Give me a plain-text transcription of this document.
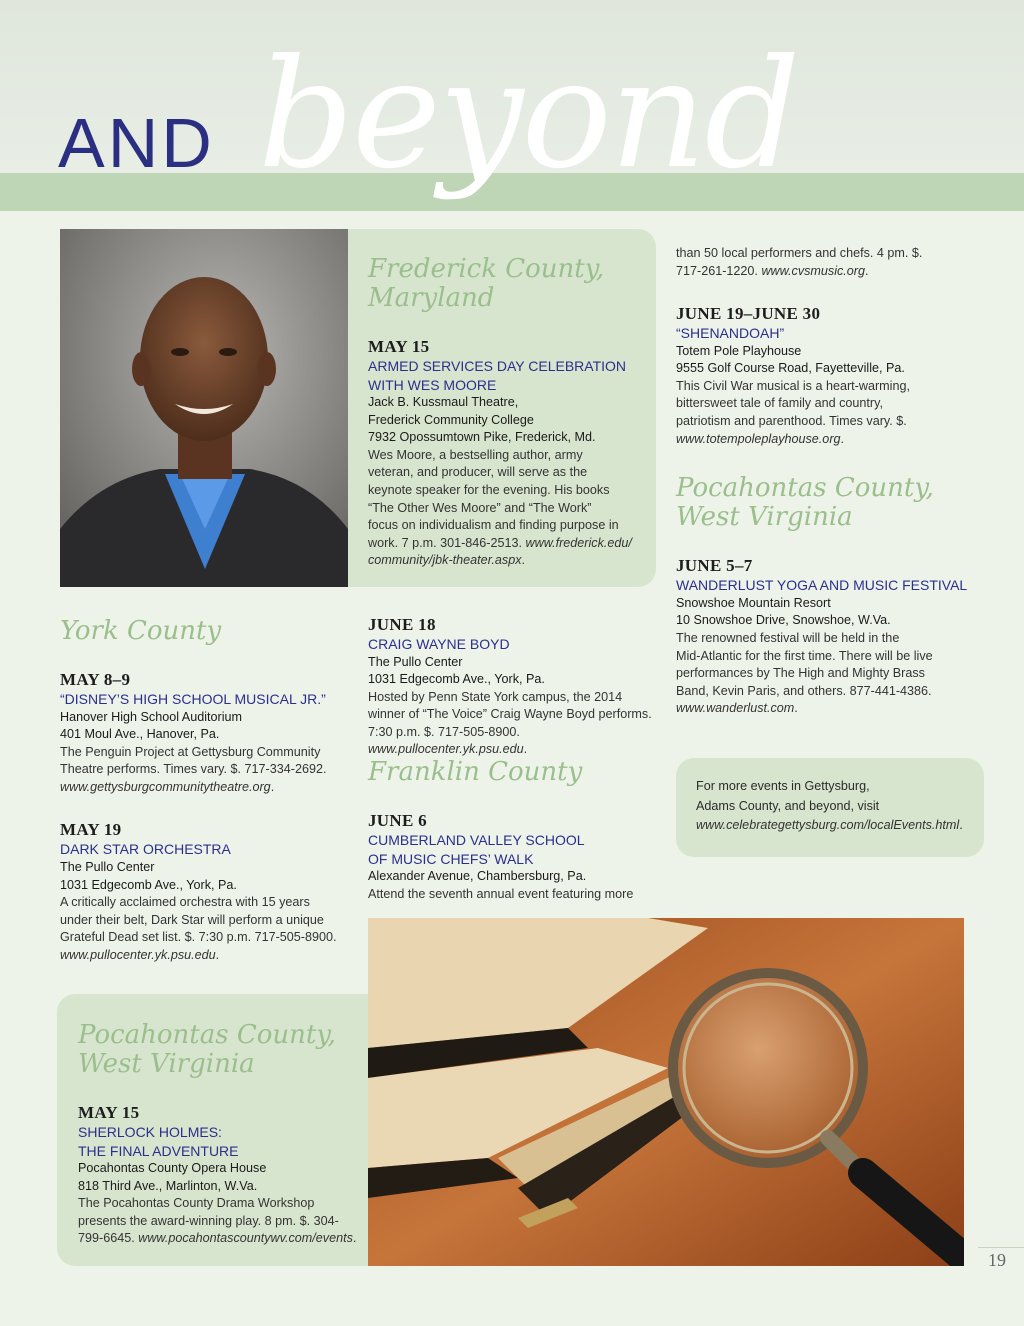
AND beyond
Frederick County,
Maryland
MAY 15
ARMED SERVICES DAY CELEBRATION
WITH WES MOORE
Jack B. Kussmaul Theatre,
Frederick Community College
7932 Opossumtown Pike, Frederick, Md.
Wes Moore, a bestselling author, army
veteran, and producer, will serve as the
keynote speaker for the evening. His books
“The Other Wes Moore” and “The Work”
focus on individualism and finding purpose in
work. 7 p.m. 301-846-2513. www.frederick.edu/
community/jbk-theater.aspx.
York County
MAY 8–9
“DISNEY’S HIGH SCHOOL MUSICAL JR.”
Hanover High School Auditorium
401 Moul Ave., Hanover, Pa.
The Penguin Project at Gettysburg Community
Theatre performs. Times vary. $. 717-334-2692.
www.gettysburgcommunitytheatre.org.
MAY 19
DARK STAR ORCHESTRA
The Pullo Center
1031 Edgecomb Ave., York, Pa.
A critically acclaimed orchestra with 15 years
under their belt, Dark Star will perform a unique
Grateful Dead set list. $. 7:30 p.m. 717-505-8900.
www.pullocenter.yk.psu.edu.
JUNE 18
CRAIG WAYNE BOYD
The Pullo Center
1031 Edgecomb Ave., York, Pa.
Hosted by Penn State York campus, the 2014
winner of “The Voice” Craig Wayne Boyd performs.
7:30 p.m. $. 717-505-8900. www.pullocenter.yk.psu.edu.
Franklin County
JUNE 6
CUMBERLAND VALLEY SCHOOL
OF MUSIC CHEFS’ WALK
Alexander Avenue, Chambersburg, Pa.
Attend the seventh annual event featuring more
than 50 local performers and chefs. 4 pm. $.
717-261-1220. www.cvsmusic.org.
JUNE 19–JUNE 30
“SHENANDOAH”
Totem Pole Playhouse
9555 Golf Course Road, Fayetteville, Pa.
This Civil War musical is a heart-warming,
bittersweet tale of family and country,
patriotism and parenthood. Times vary. $.
www.totempoleplayhouse.org.
Pocahontas County,
West Virginia
JUNE 5–7
WANDERLUST YOGA AND MUSIC FESTIVAL
Snowshoe Mountain Resort
10 Snowshoe Drive, Snowshoe, W.Va.
The renowned festival will be held in the
Mid-Atlantic for the first time. There will be live
performances by The High and Mighty Brass
Band, Kevin Paris, and others. 877-441-4386.
www.wanderlust.com.
For more events in Gettysburg,
Adams County, and beyond, visit
www.celebrategettysburg.com/localEvents.html.
Pocahontas County,
West Virginia
MAY 15
SHERLOCK HOLMES:
THE FINAL ADVENTURE
Pocahontas County Opera House
818 Third Ave., Marlinton, W.Va.
The Pocahontas County Drama Workshop
presents the award-winning play. 8 pm. $. 304-
799-6645. www.pocahontascountywv.com/events.
19
